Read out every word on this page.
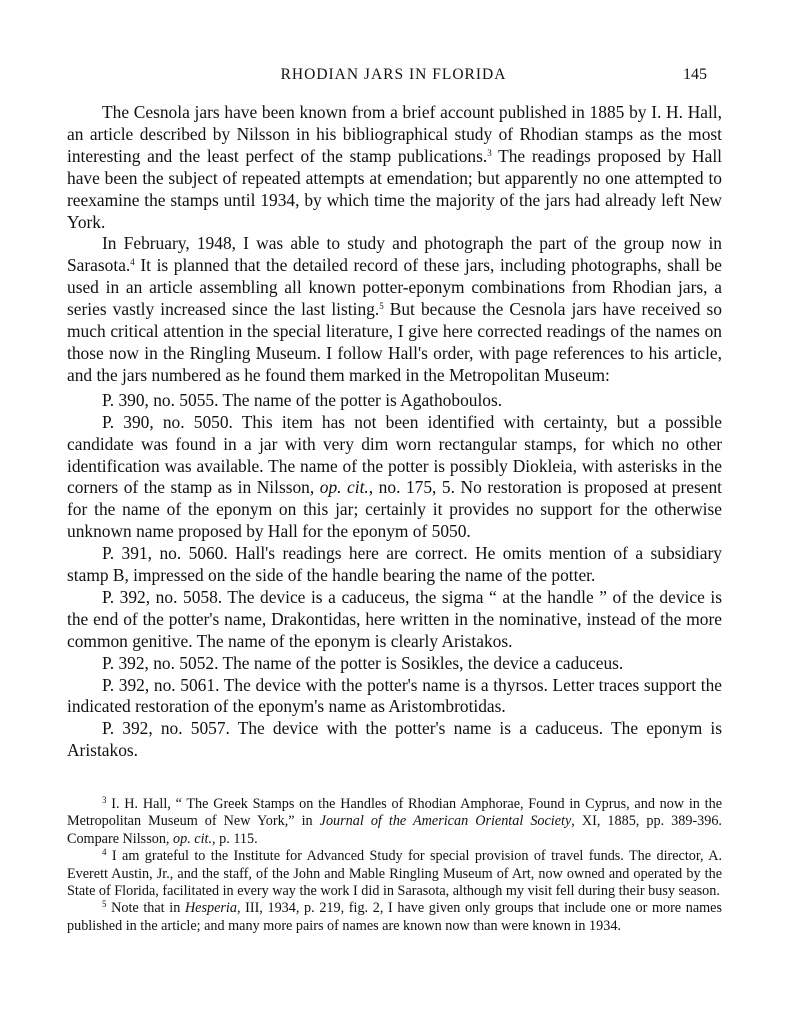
RHODIAN JARS IN FLORIDA	145

The Cesnola jars have been known from a brief account published in 1885 by I. H. Hall, an article described by Nilsson in his bibliographical study of Rhodian stamps as the most interesting and the least perfect of the stamp publications.$^3$ The readings proposed by Hall have been the subject of repeated attempts at emendation; but apparently no one attempted to reexamine the stamps until 1934, by which time the majority of the jars had already left New York.

In February, 1948, I was able to study and photograph the part of the group now in Sarasota.$^4$ It is planned that the detailed record of these jars, including photographs, shall be used in an article assembling all known potter-eponym combinations from Rhodian jars, a series vastly increased since the last listing.$^5$ But because the Cesnola jars have received so much critical attention in the special literature, I give here corrected readings of the names on those now in the Ringling Museum. I follow Hall's order, with page references to his article, and the jars numbered as he found them marked in the Metropolitan Museum:

P. 390, no. 5055. The name of the potter is Agathoboulos.

P. 390, no. 5050. This item has not been identified with certainty, but a possible candidate was found in a jar with very dim worn rectangular stamps, for which no other identification was available. The name of the potter is possibly Diokleia, with asterisks in the corners of the stamp as in Nilsson, op. cit., no. 175, 5. No restoration is proposed at present for the name of the eponym on this jar; certainly it provides no support for the otherwise unknown name proposed by Hall for the eponym of 5050.

P. 391, no. 5060. Hall's readings here are correct. He omits mention of a subsidiary stamp B, impressed on the side of the handle bearing the name of the potter.

P. 392, no. 5058. The device is a caduceus, the sigma “ at the handle ” of the device is the end of the potter's name, Drakontidas, here written in the nominative, instead of the more common genitive. The name of the eponym is clearly Aristakos.

P. 392, no. 5052. The name of the potter is Sosikles, the device a caduceus.

P. 392, no. 5061. The device with the potter's name is a thyrsos. Letter traces support the indicated restoration of the eponym's name as Aristombrotidas.

P. 392, no. 5057. The device with the potter's name is a caduceus. The eponym is Aristakos.

$^3$ I. H. Hall, “ The Greek Stamps on the Handles of Rhodian Amphorae, Found in Cyprus, and now in the Metropolitan Museum of New York,” in Journal of the American Oriental Society, XI, 1885, pp. 389-396. Compare Nilsson, op. cit., p. 115.

$^4$ I am grateful to the Institute for Advanced Study for special provision of travel funds. The director, A. Everett Austin, Jr., and the staff, of the John and Mable Ringling Museum of Art, now owned and operated by the State of Florida, facilitated in every way the work I did in Sarasota, although my visit fell during their busy season.

$^5$ Note that in Hesperia, III, 1934, p. 219, fig. 2, I have given only groups that include one or more names published in the article; and many more pairs of names are known now than were known in 1934.
